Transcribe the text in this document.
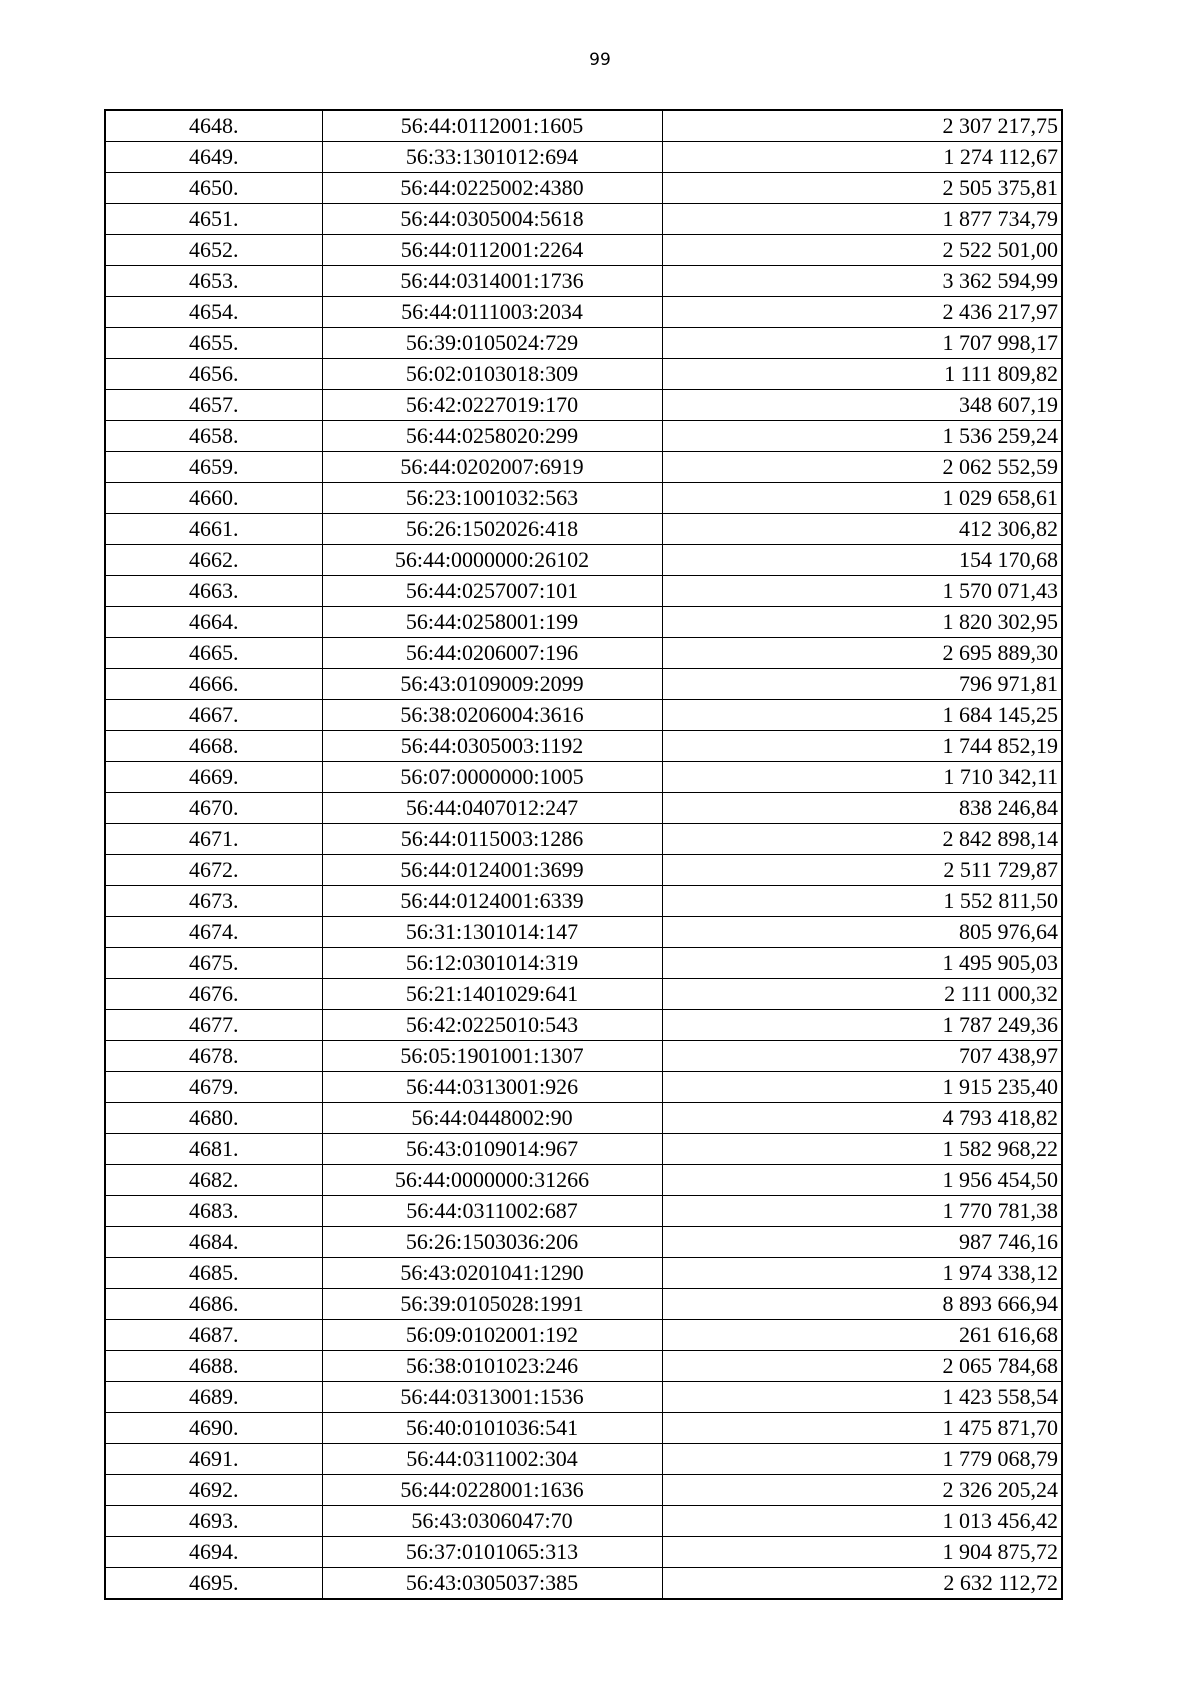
99
4648.	56:44:0112001:1605	2 307 217,75
4649.	56:33:1301012:694	1 274 112,67
4650.	56:44:0225002:4380	2 505 375,81
4651.	56:44:0305004:5618	1 877 734,79
4652.	56:44:0112001:2264	2 522 501,00
4653.	56:44:0314001:1736	3 362 594,99
4654.	56:44:0111003:2034	2 436 217,97
4655.	56:39:0105024:729	1 707 998,17
4656.	56:02:0103018:309	1 111 809,82
4657.	56:42:0227019:170	348 607,19
4658.	56:44:0258020:299	1 536 259,24
4659.	56:44:0202007:6919	2 062 552,59
4660.	56:23:1001032:563	1 029 658,61
4661.	56:26:1502026:418	412 306,82
4662.	56:44:0000000:26102	154 170,68
4663.	56:44:0257007:101	1 570 071,43
4664.	56:44:0258001:199	1 820 302,95
4665.	56:44:0206007:196	2 695 889,30
4666.	56:43:0109009:2099	796 971,81
4667.	56:38:0206004:3616	1 684 145,25
4668.	56:44:0305003:1192	1 744 852,19
4669.	56:07:0000000:1005	1 710 342,11
4670.	56:44:0407012:247	838 246,84
4671.	56:44:0115003:1286	2 842 898,14
4672.	56:44:0124001:3699	2 511 729,87
4673.	56:44:0124001:6339	1 552 811,50
4674.	56:31:1301014:147	805 976,64
4675.	56:12:0301014:319	1 495 905,03
4676.	56:21:1401029:641	2 111 000,32
4677.	56:42:0225010:543	1 787 249,36
4678.	56:05:1901001:1307	707 438,97
4679.	56:44:0313001:926	1 915 235,40
4680.	56:44:0448002:90	4 793 418,82
4681.	56:43:0109014:967	1 582 968,22
4682.	56:44:0000000:31266	1 956 454,50
4683.	56:44:0311002:687	1 770 781,38
4684.	56:26:1503036:206	987 746,16
4685.	56:43:0201041:1290	1 974 338,12
4686.	56:39:0105028:1991	8 893 666,94
4687.	56:09:0102001:192	261 616,68
4688.	56:38:0101023:246	2 065 784,68
4689.	56:44:0313001:1536	1 423 558,54
4690.	56:40:0101036:541	1 475 871,70
4691.	56:44:0311002:304	1 779 068,79
4692.	56:44:0228001:1636	2 326 205,24
4693.	56:43:0306047:70	1 013 456,42
4694.	56:37:0101065:313	1 904 875,72
4695.	56:43:0305037:385	2 632 112,72
